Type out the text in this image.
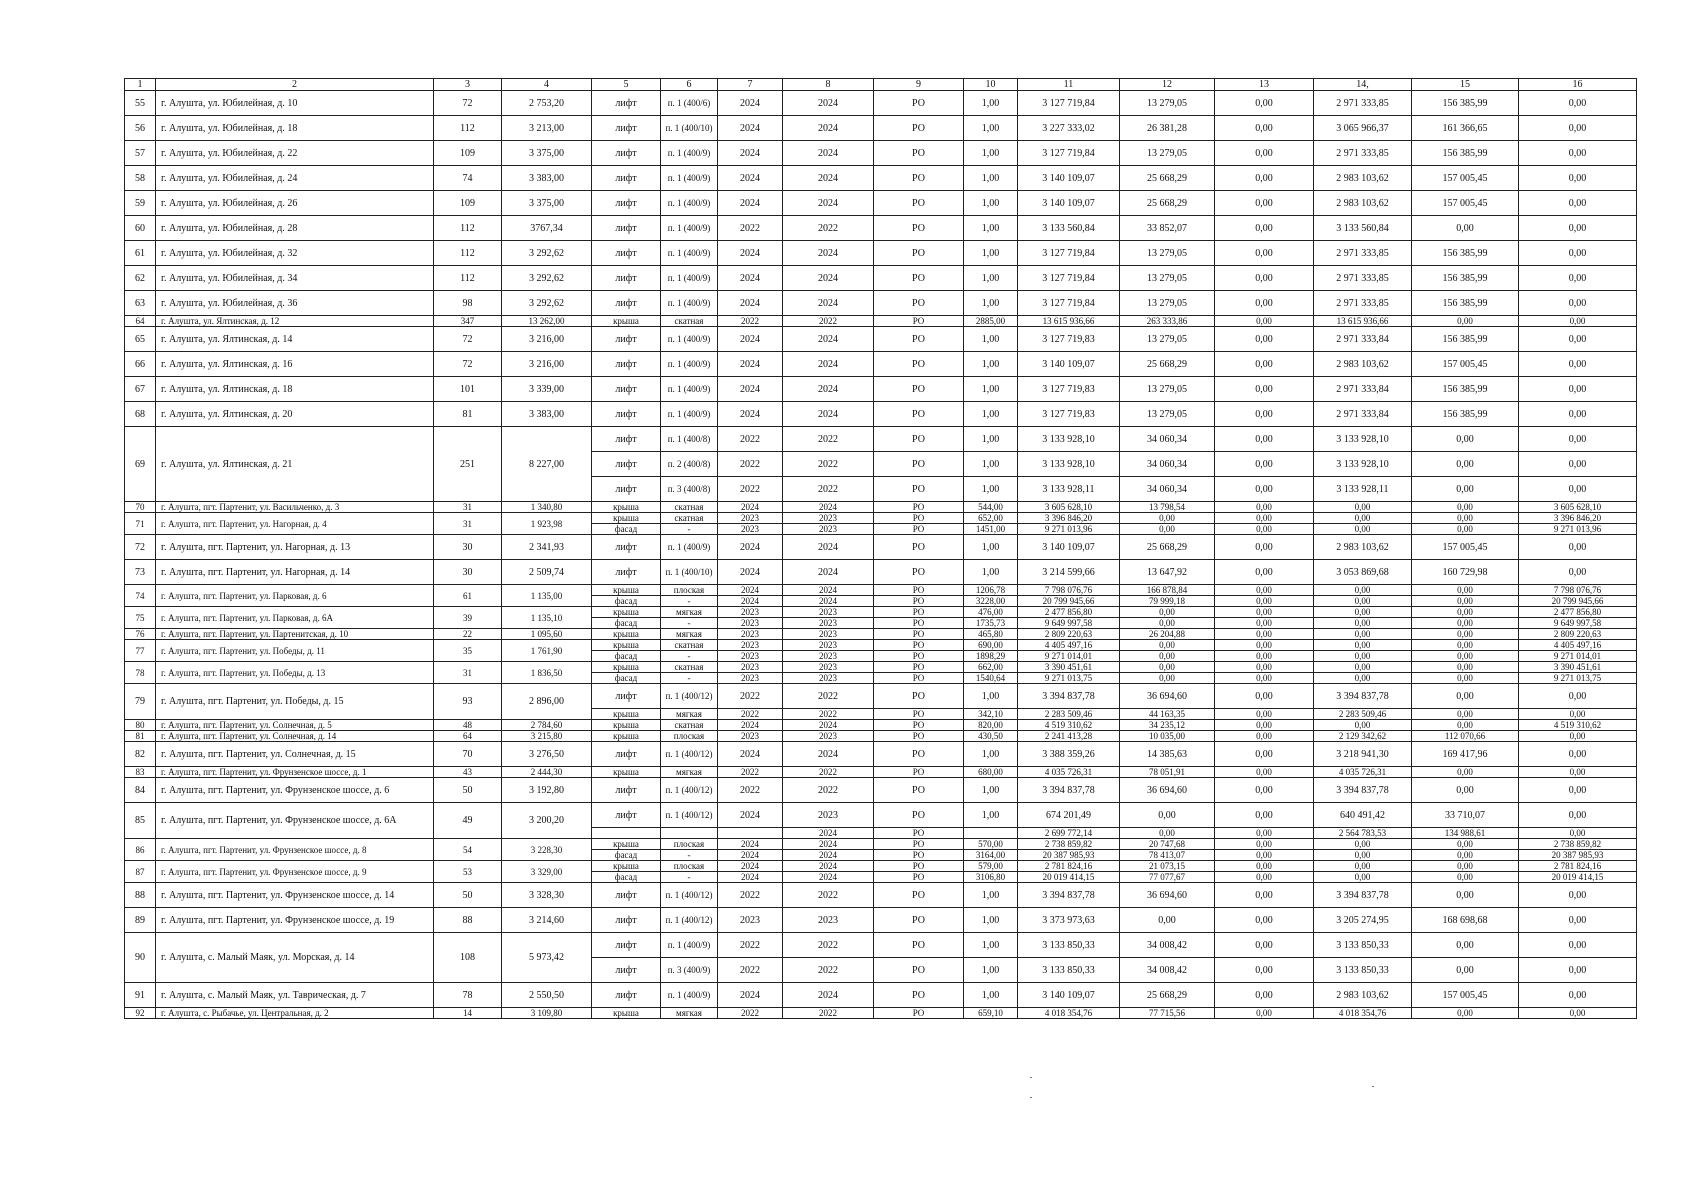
1	2	3	4	5	6	7	8	9	10	11	12	13	14,	15	16
55	г. Алушта, ул. Юбилейная, д. 10	72	2 753,20	лифт	п. 1 (400/6)	2024	2024	РО	1,00	3 127 719,84	13 279,05	0,00	2 971 333,85	156 385,99	0,00
56	г. Алушта, ул. Юбилейная, д. 18	112	3 213,00	лифт	п. 1 (400/10)	2024	2024	РО	1,00	3 227 333,02	26 381,28	0,00	3 065 966,37	161 366,65	0,00
57	г. Алушта, ул. Юбилейная, д. 22	109	3 375,00	лифт	п. 1 (400/9)	2024	2024	РО	1,00	3 127 719,84	13 279,05	0,00	2 971 333,85	156 385,99	0,00
58	г. Алушта, ул. Юбилейная, д. 24	74	3 383,00	лифт	п. 1 (400/9)	2024	2024	РО	1,00	3 140 109,07	25 668,29	0,00	2 983 103,62	157 005,45	0,00
59	г. Алушта, ул. Юбилейная, д. 26	109	3 375,00	лифт	п. 1 (400/9)	2024	2024	РО	1,00	3 140 109,07	25 668,29	0,00	2 983 103,62	157 005,45	0,00
60	г. Алушта, ул. Юбилейная, д. 28	112	3767,34	лифт	п. 1 (400/9)	2022	2022	РО	1,00	3 133 560,84	33 852,07	0,00	3 133 560,84	0,00	0,00
61	г. Алушта, ул. Юбилейная, д. 32	112	3 292,62	лифт	п. 1 (400/9)	2024	2024	РО	1,00	3 127 719,84	13 279,05	0,00	2 971 333,85	156 385,99	0,00
62	г. Алушта, ул. Юбилейная, д. 34	112	3 292,62	лифт	п. 1 (400/9)	2024	2024	РО	1,00	3 127 719,84	13 279,05	0,00	2 971 333,85	156 385,99	0,00
63	г. Алушта, ул. Юбилейная, д. 36	98	3 292,62	лифт	п. 1 (400/9)	2024	2024	РО	1,00	3 127 719,84	13 279,05	0,00	2 971 333,85	156 385,99	0,00
64	г. Алушта, ул. Ялтинская, д. 12	347	13 262,00	крыша	скатная	2022	2022	РО	2885,00	13 615 936,66	263 333,86	0,00	13 615 936,66	0,00	0,00
65	г. Алушта, ул. Ялтинская, д. 14	72	3 216,00	лифт	п. 1 (400/9)	2024	2024	РО	1,00	3 127 719,83	13 279,05	0,00	2 971 333,84	156 385,99	0,00
66	г. Алушта, ул. Ялтинская, д. 16	72	3 216,00	лифт	п. 1 (400/9)	2024	2024	РО	1,00	3 140 109,07	25 668,29	0,00	2 983 103,62	157 005,45	0,00
67	г. Алушта, ул. Ялтинская, д. 18	101	3 339,00	лифт	п. 1 (400/9)	2024	2024	РО	1,00	3 127 719,83	13 279,05	0,00	2 971 333,84	156 385,99	0,00
68	г. Алушта, ул. Ялтинская, д. 20	81	3 383,00	лифт	п. 1 (400/9)	2024	2024	РО	1,00	3 127 719,83	13 279,05	0,00	2 971 333,84	156 385,99	0,00
69	г. Алушта, ул. Ялтинская, д. 21	251	8 227,00	лифт	п. 1 (400/8)	2022	2022	РО	1,00	3 133 928,10	34 060,34	0,00	3 133 928,10	0,00	0,00
				лифт	п. 2 (400/8)	2022	2022	РО	1,00	3 133 928,10	34 060,34	0,00	3 133 928,10	0,00	0,00
				лифт	п. 3 (400/8)	2022	2022	РО	1,00	3 133 928,11	34 060,34	0,00	3 133 928,11	0,00	0,00
70	г. Алушта, пгт. Партенит, ул. Васильченко, д. 3	31	1 340,80	крыша	скатная	2024	2024	РО	544,00	3 605 628,10	13 798,54	0,00	0,00	0,00	3 605 628,10
71	г. Алушта, пгт. Партенит, ул. Нагорная, д. 4	31	1 923,98	крыша	скатная	2023	2023	РО	652,00	3 396 846,20	0,00	0,00	0,00	0,00	3 396 846,20
				фасад	-	2023	2023	РО	1451,00	9 271 013,96	0,00	0,00	0,00	0,00	9 271 013,96
72	г. Алушта, пгт. Партенит, ул. Нагорная, д. 13	30	2 341,93	лифт	п. 1 (400/9)	2024	2024	РО	1,00	3 140 109,07	25 668,29	0,00	2 983 103,62	157 005,45	0,00
73	г. Алушта, пгт. Партенит, ул. Нагорная, д. 14	30	2 509,74	лифт	п. 1 (400/10)	2024	2024	РО	1,00	3 214 599,66	13 647,92	0,00	3 053 869,68	160 729,98	0,00
74	г. Алушта, пгт. Партенит, ул. Парковая, д. 6	61	1 135,00	крыша	плоская	2024	2024	РО	1206,78	7 798 076,76	166 878,84	0,00	0,00	0,00	7 798 076,76
				фасад	-	2024	2024	РО	3228,00	20 799 945,66	79 999,18	0,00	0,00	0,00	20 799 945,66
75	г. Алушта, пгт. Партенит, ул. Парковая, д. 6А	39	1 135,10	крыша	мягкая	2023	2023	РО	476,00	2 477 856,80	0,00	0,00	0,00	0,00	2 477 856,80
				фасад	-	2023	2023	РО	1735,73	9 649 997,58	0,00	0,00	0,00	0,00	9 649 997,58
76	г. Алушта, пгт. Партенит, ул. Партенитская, д. 10	22	1 095,60	крыша	мягкая	2023	2023	РО	465,80	2 809 220,63	26 204,88	0,00	0,00	0,00	2 809 220,63
77	г. Алушта, пгт. Партенит, ул. Победы, д. 11	35	1 761,90	крыша	скатная	2023	2023	РО	690,00	4 405 497,16	0,00	0,00	0,00	0,00	4 405 497,16
				фасад	-	2023	2023	РО	1898,29	9 271 014,01	0,00	0,00	0,00	0,00	9 271 014,01
78	г. Алушта, пгт. Партенит, ул. Победы, д. 13	31	1 836,50	крыша	скатная	2023	2023	РО	662,00	3 390 451,61	0,00	0,00	0,00	0,00	3 390 451,61
				фасад	-	2023	2023	РО	1540,64	9 271 013,75	0,00	0,00	0,00	0,00	9 271 013,75
79	г. Алушта, пгт. Партенит, ул. Победы, д. 15	93	2 896,00	лифт	п. 1 (400/12)	2022	2022	РО	1,00	3 394 837,78	36 694,60	0,00	3 394 837,78	0,00	0,00
				крыша	мягкая	2022	2022	РО	342,10	2 283 509,46	44 163,35	0,00	2 283 509,46	0,00	0,00
80	г. Алушта, пгт. Партенит, ул. Солнечная, д. 5	48	2 784,60	крыша	скатная	2024	2024	РО	820,00	4 519 310,62	34 235,12	0,00	0,00	0,00	4 519 310,62
81	г. Алушта, пгт. Партенит, ул. Солнечная, д. 14	64	3 215,80	крыша	плоская	2023	2023	РО	430,50	2 241 413,28	10 035,00	0,00	2 129 342,62	112 070,66	0,00
82	г. Алушта, пгт. Партенит, ул. Солнечная, д. 15	70	3 276,50	лифт	п. 1 (400/12)	2024	2024	РО	1,00	3 388 359,26	14 385,63	0,00	3 218 941,30	169 417,96	0,00
83	г. Алушта, пгт. Партенит, ул. Фрунзенское шоссе, д. 1	43	2 444,30	крыша	мягкая	2022	2022	РО	680,00	4 035 726,31	78 051,91	0,00	4 035 726,31	0,00	0,00
84	г. Алушта, пгт. Партенит, ул. Фрунзенское шоссе, д. 6	50	3 192,80	лифт	п. 1 (400/12)	2022	2022	РО	1,00	3 394 837,78	36 694,60	0,00	3 394 837,78	0,00	0,00
85	г. Алушта, пгт. Партенит, ул. Фрунзенское шоссе, д. 6А	49	3 200,20	лифт	п. 1 (400/12)	2024	2023	РО	1,00	674 201,49	0,00	0,00	640 491,42	33 710,07	0,00
							2024	РО		2 699 772,14	0,00	0,00	2 564 783,53	134 988,61	0,00
86	г. Алушта, пгт. Партенит, ул. Фрунзенское шоссе, д. 8	54	3 228,30	крыша	плоская	2024	2024	РО	570,00	2 738 859,82	20 747,68	0,00	0,00	0,00	2 738 859,82
				фасад	-	2024	2024	РО	3164,00	20 387 985,93	78 413,07	0,00	0,00	0,00	20 387 985,93
87	г. Алушта, пгт. Партенит, ул. Фрунзенское шоссе, д. 9	53	3 329,00	крыша	плоская	2024	2024	РО	579,00	2 781 824,16	21 073,15	0,00	0,00	0,00	2 781 824,16
				фасад	-	2024	2024	РО	3106,80	20 019 414,15	77 077,67	0,00	0,00	0,00	20 019 414,15
88	г. Алушта, пгт. Партенит, ул. Фрунзенское шоссе, д. 14	50	3 328,30	лифт	п. 1 (400/12)	2022	2022	РО	1,00	3 394 837,78	36 694,60	0,00	3 394 837,78	0,00	0,00
89	г. Алушта, пгт. Партенит, ул. Фрунзенское шоссе, д. 19	88	3 214,60	лифт	п. 1 (400/12)	2023	2023	РО	1,00	3 373 973,63	0,00	0,00	3 205 274,95	168 698,68	0,00
90	г. Алушта, с. Малый Маяк, ул. Морская, д. 14	108	5 973,42	лифт	п. 1 (400/9)	2022	2022	РО	1,00	3 133 850,33	34 008,42	0,00	3 133 850,33	0,00	0,00
				лифт	п. 3 (400/9)	2022	2022	РО	1,00	3 133 850,33	34 008,42	0,00	3 133 850,33	0,00	0,00
91	г. Алушта, с. Малый Маяк, ул. Таврическая, д. 7	78	2 550,50	лифт	п. 1 (400/9)	2024	2024	РО	1,00	3 140 109,07	25 668,29	0,00	2 983 103,62	157 005,45	0,00
92	г. Алушта, с. Рыбачье, ул. Центральная, д. 2	14	3 109,80	крыша	мягкая	2022	2022	РО	659,10	4 018 354,76	77 715,56	0,00	4 018 354,76	0,00	0,00
